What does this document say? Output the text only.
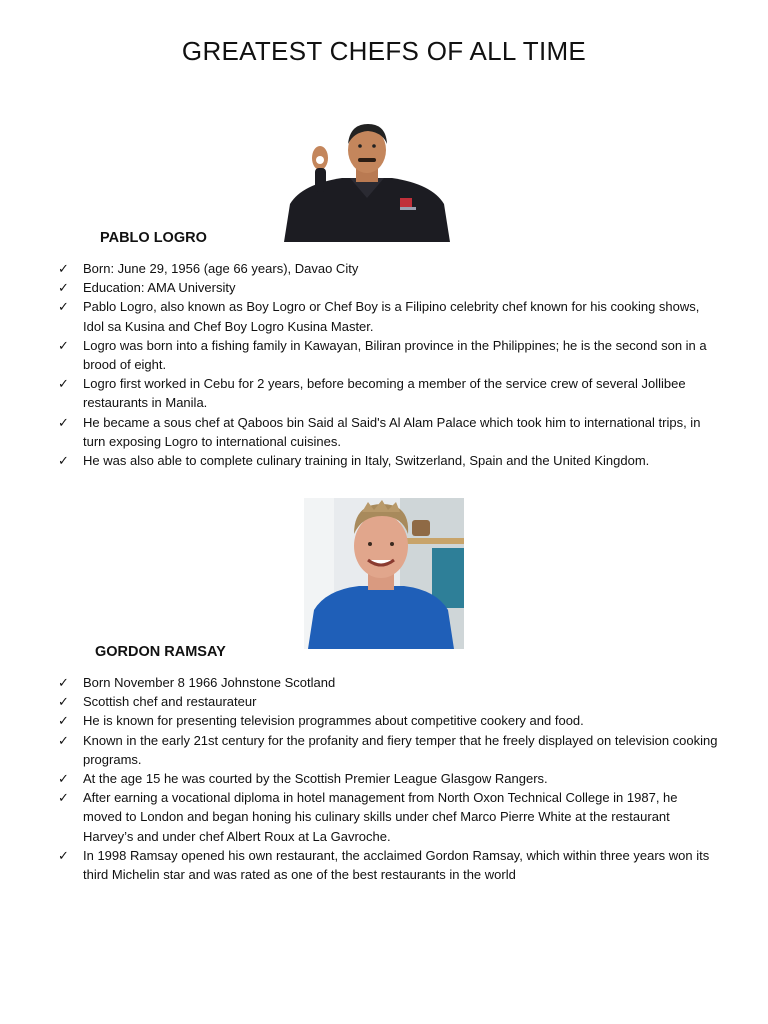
GREATEST CHEFS OF ALL TIME
PABLO LOGRO
✓ Born: June 29, 1956 (age 66 years), Davao City
✓ Education: AMA University
✓ Pablo Logro, also known as Boy Logro or Chef Boy is a Filipino celebrity chef known for his cooking shows, Idol sa Kusina and Chef Boy Logro Kusina Master.
✓ Logro was born into a fishing family in Kawayan, Biliran province in the Philippines; he is the second son in a brood of eight.
✓ Logro first worked in Cebu for 2 years, before becoming a member of the service crew of several Jollibee restaurants in Manila.
✓ He became a sous chef at Qaboos bin Said al Said's Al Alam Palace which took him to international trips, in turn exposing Logro to international cuisines.
✓ He was also able to complete culinary training in Italy, Switzerland, Spain and the United Kingdom.
GORDON RAMSAY
✓ Born November 8 1966 Johnstone Scotland
✓ Scottish chef and restaurateur
✓ He is known for presenting television programmes about competitive cookery and food.
✓ Known in the early 21st century for the profanity and fiery temper that he freely displayed on television cooking programs.
✓ At the age 15 he was courted by the Scottish Premier League Glasgow Rangers.
✓ After earning a vocational diploma in hotel management from North Oxon Technical College in 1987, he moved to London and began honing his culinary skills under chef Marco Pierre White at the restaurant Harvey’s and under chef Albert Roux at La Gavroche.
✓ In 1998 Ramsay opened his own restaurant, the acclaimed Gordon Ramsay, which within three years won its third Michelin star and was rated as one of the best restaurants in the world
